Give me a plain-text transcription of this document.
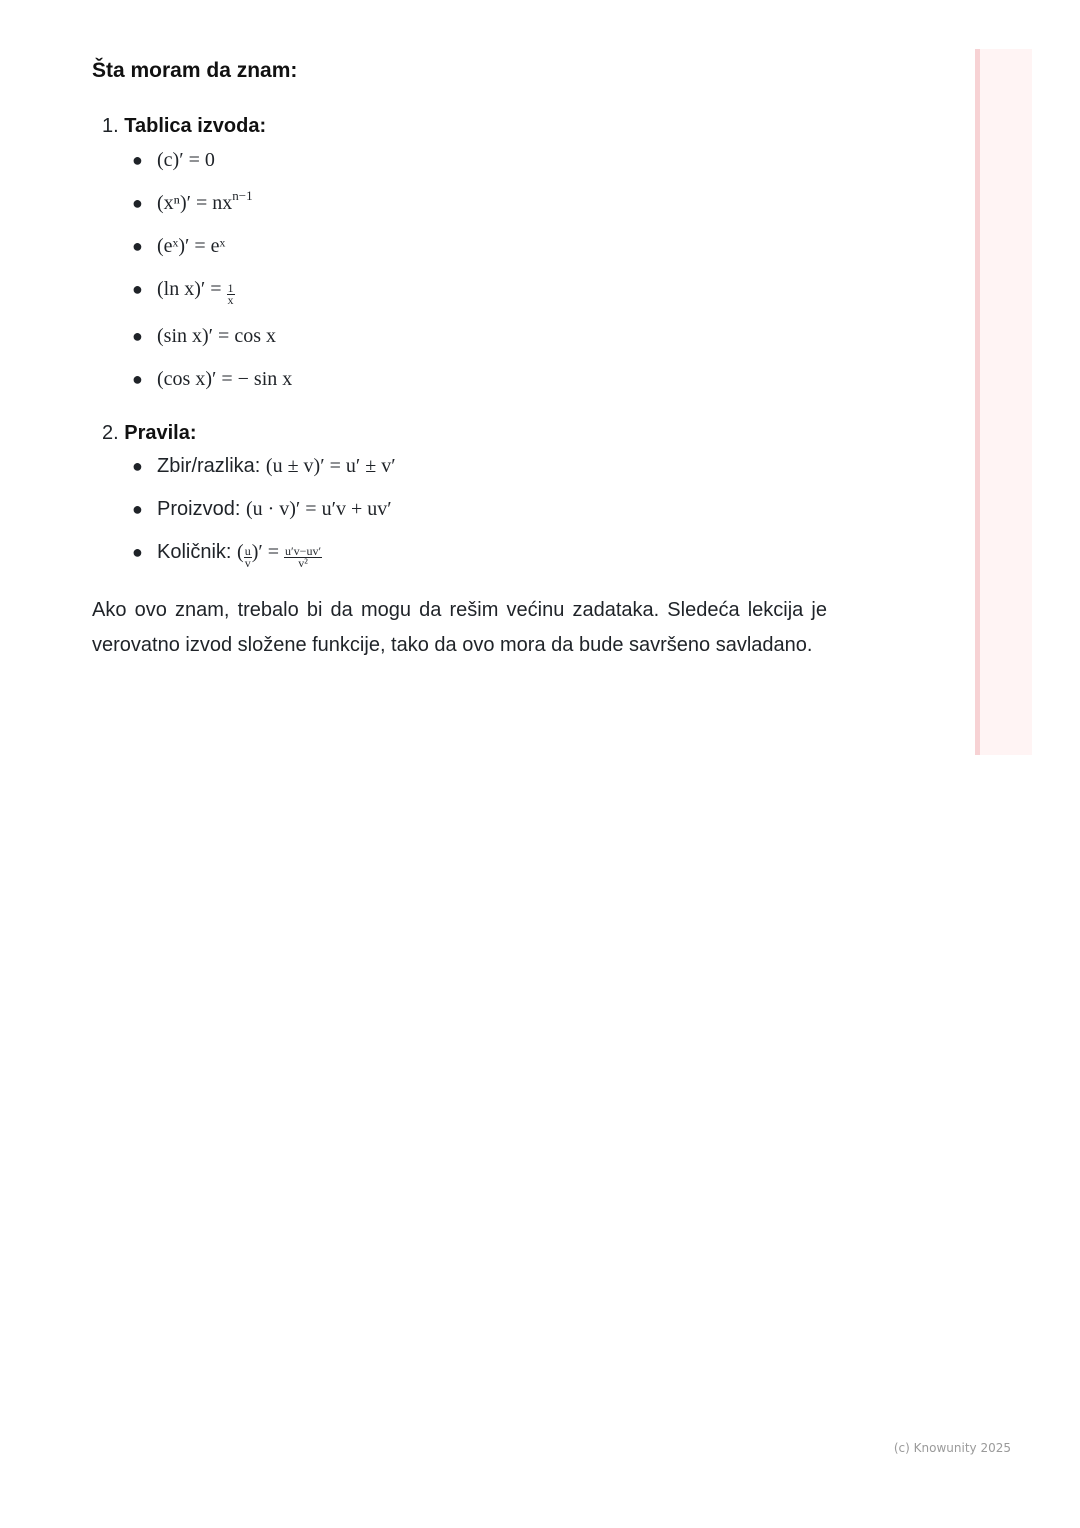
Šta moram da znam:
1. Tablica izvoda:
● (c)′ = 0
● $(x^n)' = nx^{n-1}$
● (eˣ)′ = eˣ
● (ln $x)' = \frac{1}{x}$
● (sin x)′ = cos x
● (cos x)′ = − sin x
2. Pravila:
● Zbir/razlika: (u ± v)′ = u′ ± v′
● Proizvod: (u · v)′ = u′v + uv′
● Količnik: ( $\frac{u}{v}$ )′ = $\frac{u'v-uv'}{\text{v²}}$
Ako ovo znam, trebalo bi da mogu da rešim većinu zadataka. Sledeća lekcija je verovatno izvod složene funkcije, tako da ovo mora da bude savršeno savladano.
(c) Knowunity 2025
